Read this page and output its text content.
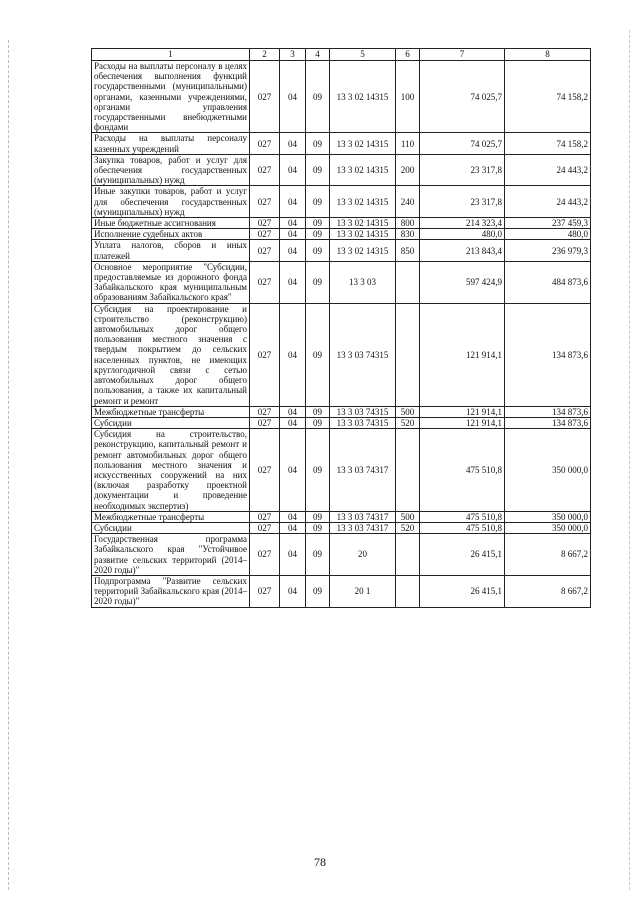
1	2	3	4	5	6	7	8
Расходы на выплаты персоналу в целях обеспечения выполнения функций государственными (муниципальными) органами, казенными учреждениями, органами управления государственными внебюджетными фондами	027	04	09	13 3 02 14315	100	74 025,7	74 158,2
Расходы на выплаты персоналу казенных учреждений	027	04	09	13 3 02 14315	110	74 025,7	74 158,2
Закупка товаров, работ и услуг для обеспечения государственных (муниципальных) нужд	027	04	09	13 3 02 14315	200	23 317,8	24 443,2
Иные закупки товаров, работ и услуг для обеспечения государственных (муниципальных) нужд	027	04	09	13 3 02 14315	240	23 317,8	24 443,2
Иные бюджетные ассигнования	027	04	09	13 3 02 14315	800	214 323,4	237 459,3
Исполнение судебных актов	027	04	09	13 3 02 14315	830	480,0	480,0
Уплата налогов, сборов и иных платежей	027	04	09	13 3 02 14315	850	213 843,4	236 979,3
Основное мероприятие "Субсидии, предоставляемые из дорожного фонда Забайкальского края муниципальным образованиям Забайкальского края"	027	04	09	13 3 03		597 424,9	484 873,6
Субсидия на проектирование и строительство (реконструкцию) автомобильных дорог общего пользования местного значения с твердым покрытием до сельских населенных пунктов, не имеющих круглогодичной связи с сетью автомобильных дорог общего пользования, а также их капитальный ремонт и ремонт	027	04	09	13 3 03 74315		121 914,1	134 873,6
Межбюджетные трансферты	027	04	09	13 3 03 74315	500	121 914,1	134 873,6
Субсидии	027	04	09	13 3 03 74315	520	121 914,1	134 873,6
Субсидия на строительство, реконструкцию, капитальный ремонт и ремонт автомобильных дорог общего пользования местного значения и искусственных сооружений на них (включая разработку проектной документации и проведение необходимых экспертиз)	027	04	09	13 3 03 74317		475 510,8	350 000,0
Межбюджетные трансферты	027	04	09	13 3 03 74317	500	475 510,8	350 000,0
Субсидии	027	04	09	13 3 03 74317	520	475 510,8	350 000,0
Государственная программа Забайкальского края "Устойчивое развитие сельских территорий (2014–2020 годы)"	027	04	09	20		26 415,1	8 667,2
Подпрограмма "Развитие сельских территорий Забайкальского края (2014–2020 годы)"	027	04	09	20 1		26 415,1	8 667,2
78
